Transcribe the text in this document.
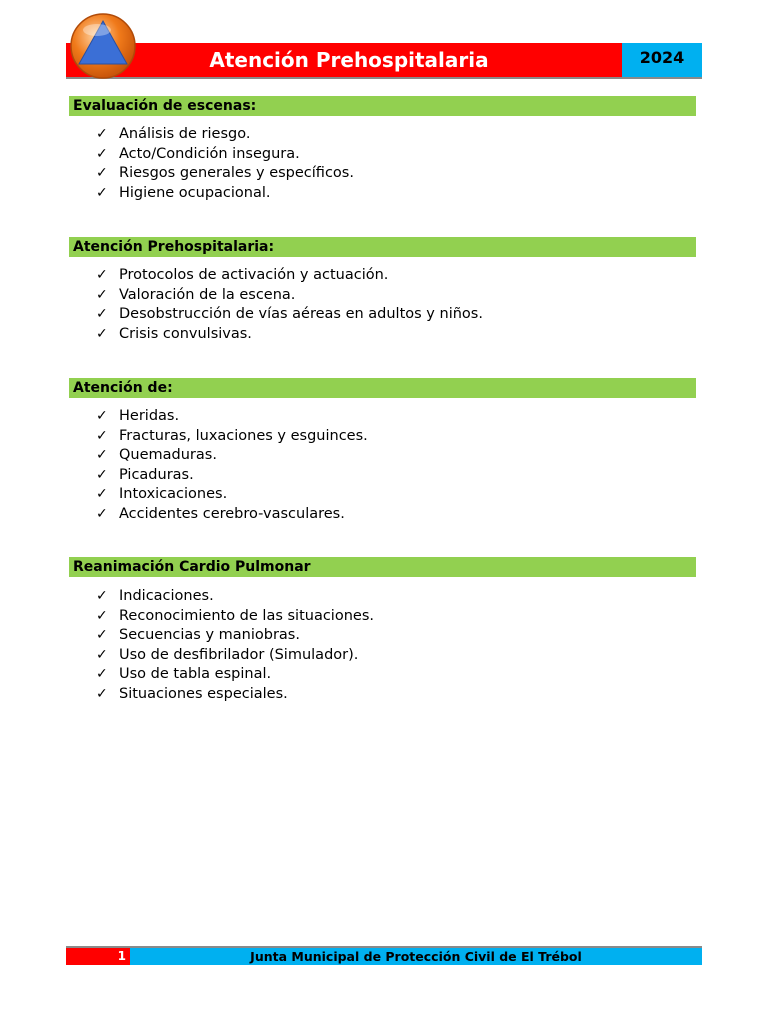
Atención Prehospitalaria	2024
Evaluación de escenas:
✓ Análisis de riesgo.
✓ Acto/Condición insegura.
✓ Riesgos generales y específicos.
✓ Higiene ocupacional.
Atención Prehospitalaria:
✓ Protocolos de activación y actuación.
✓ Valoración de la escena.
✓ Desobstrucción de vías aéreas en adultos y niños.
✓ Crisis convulsivas.
Atención de:
✓ Heridas.
✓ Fracturas, luxaciones y esguinces.
✓ Quemaduras.
✓ Picaduras.
✓ Intoxicaciones.
✓ Accidentes cerebro-vasculares.
Reanimación Cardio Pulmonar
✓ Indicaciones.
✓ Reconocimiento de las situaciones.
✓ Secuencias y maniobras.
✓ Uso de desfibrilador (Simulador).
✓ Uso de tabla espinal.
✓ Situaciones especiales.
1	Junta Municipal de Protección Civil de El Trébol
